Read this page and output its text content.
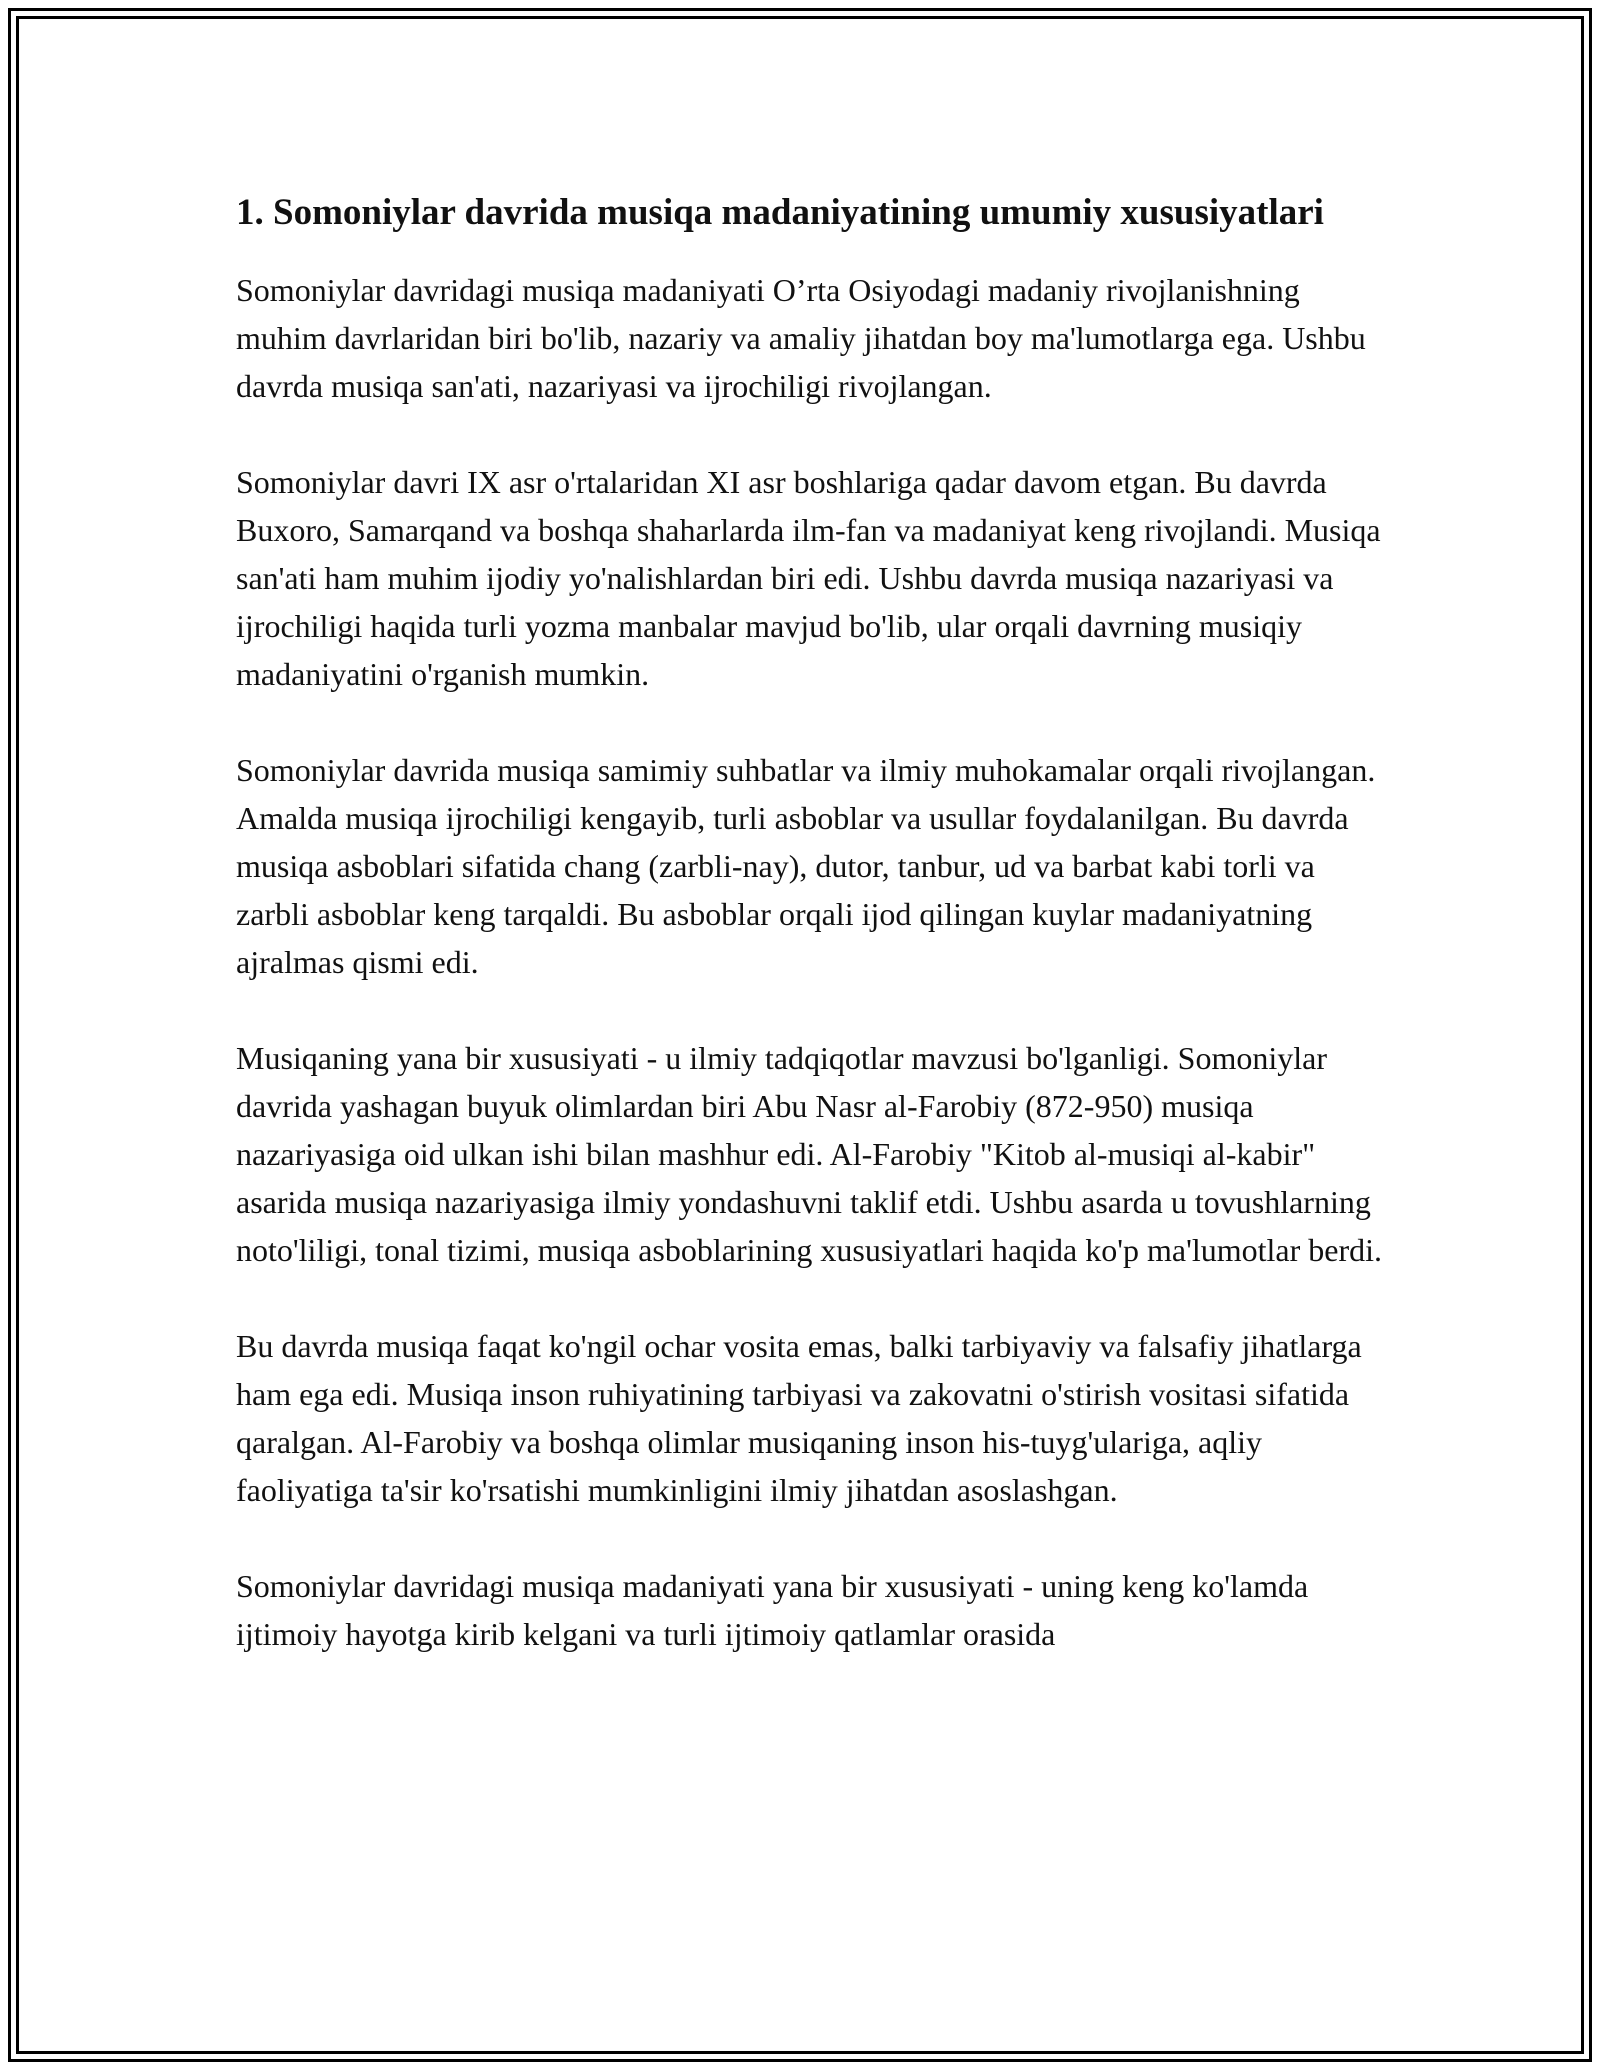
1. Somoniylar davrida musiqa madaniyatining umumiy xususiyatlari

Somoniylar davridagi musiqa madaniyati O’rta Osiyodagi madaniy rivojlanishning muhim davrlaridan biri bo'lib, nazariy va amaliy jihatdan boy ma'lumotlarga ega. Ushbu davrda musiqa san'ati, nazariyasi va ijrochiligi rivojlangan.

Somoniylar davri IX asr o'rtalaridan XI asr boshlariga qadar davom etgan. Bu davrda Buxoro, Samarqand va boshqa shaharlarda ilm-fan va madaniyat keng rivojlandi. Musiqa san'ati ham muhim ijodiy yo'nalishlardan biri edi. Ushbu davrda musiqa nazariyasi va ijrochiligi haqida turli yozma manbalar mavjud bo'lib, ular orqali davrning musiqiy madaniyatini o'rganish mumkin.

Somoniylar davrida musiqa samimiy suhbatlar va ilmiy muhokamalar orqali rivojlangan. Amalda musiqa ijrochiligi kengayib, turli asboblar va usullar foydalanilgan. Bu davrda musiqa asboblari sifatida chang (zarbli-nay), dutor, tanbur, ud va barbat kabi torli va zarbli asboblar keng tarqaldi. Bu asboblar orqali ijod qilingan kuylar madaniyatning ajralmas qismi edi.

Musiqaning yana bir xususiyati - u ilmiy tadqiqotlar mavzusi bo'lganligi. Somoniylar davrida yashagan buyuk olimlardan biri Abu Nasr al-Farobiy (872-950) musiqa nazariyasiga oid ulkan ishi bilan mashhur edi. Al-Farobiy "Kitob al-musiqi al-kabir" asarida musiqa nazariyasiga ilmiy yondashuvni taklif etdi. Ushbu asarda u tovushlarning noto'liligi, tonal tizimi, musiqa asboblarining xususiyatlari haqida ko'p ma'lumotlar berdi.

Bu davrda musiqa faqat ko'ngil ochar vosita emas, balki tarbiyaviy va falsafiy jihatlarga ham ega edi. Musiqa inson ruhiyatining tarbiyasi va zakovatni o'stirish vositasi sifatida qaralgan. Al-Farobiy va boshqa olimlar musiqaning inson his-tuyg'ulariga, aqliy faoliyatiga ta'sir ko'rsatishi mumkinligini ilmiy jihatdan asoslashgan.

Somoniylar davridagi musiqa madaniyati yana bir xususiyati - uning keng ko'lamda ijtimoiy hayotga kirib kelgani va turli ijtimoiy qatlamlar orasida
